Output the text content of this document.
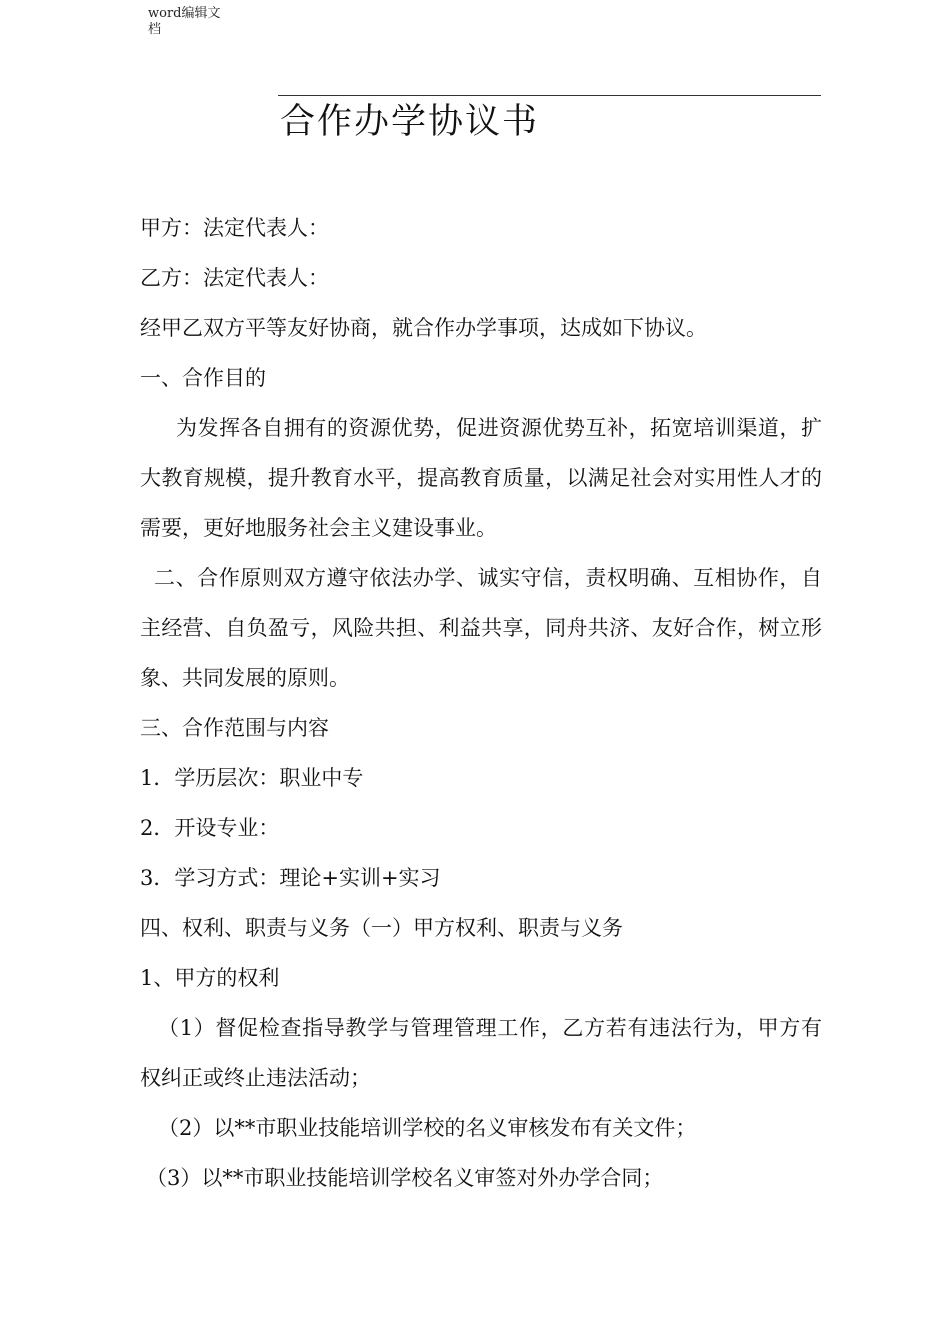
word编辑文
档
合作办学协议书

甲方：法定代表人：

乙方：法定代表人：

经甲乙双方平等友好协商，就合作办学事项，达成如下协议。

一、合作目的

为发挥各自拥有的资源优势，促进资源优势互补，拓宽培训渠道，扩大教育规模，提升教育水平，提高教育质量，以满足社会对实用性人才的需要，更好地服务社会主义建设事业。

二、合作原则双方遵守依法办学、诚实守信，责权明确、互相协作，自主经营、自负盈亏，风险共担、利益共享，同舟共济、友好合作，树立形象、共同发展的原则。

三、合作范围与内容

1．学历层次：职业中专

2．开设专业：

3．学习方式：理论+实训+实习

四、权利、职责与义务（一）甲方权利、职责与义务

1、甲方的权利

（1）督促检查指导教学与管理管理工作，乙方若有违法行为，甲方有权纠正或终止违法活动；

（2）以**市职业技能培训学校的名义审核发布有关文件；

（3）以**市职业技能培训学校名义审签对外办学合同；
